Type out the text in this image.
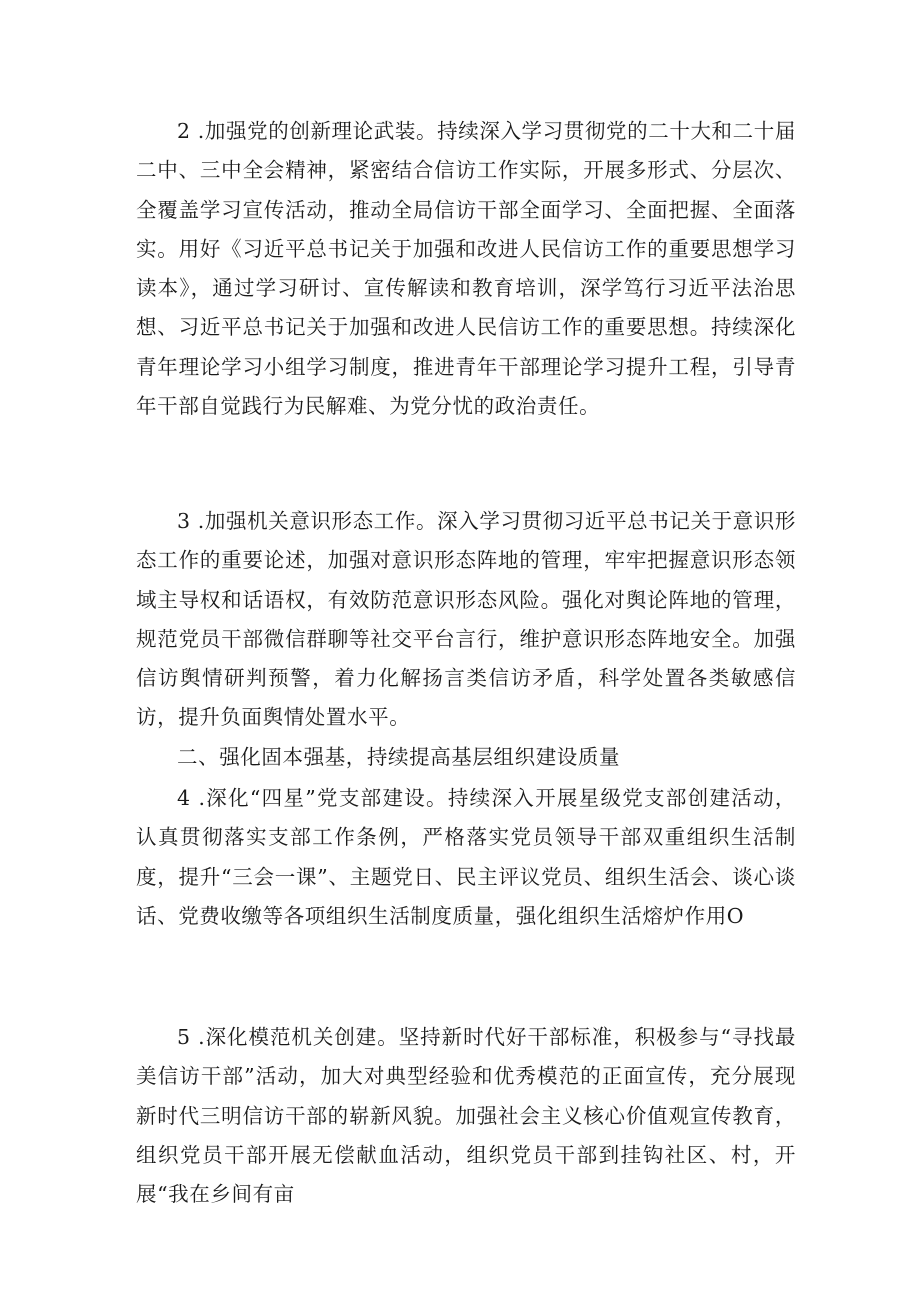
2 .加强党的创新理论武装。持续深入学习贯彻党的二十大和二十届二中、三中全会精神，紧密结合信访工作实际，开展多形式、分层次、全覆盖学习宣传活动，推动全局信访干部全面学习、全面把握、全面落实。用好《习近平总书记关于加强和改进人民信访工作的重要思想学习读本》，通过学习研讨、宣传解读和教育培训，深学笃行习近平法治思想、习近平总书记关于加强和改进人民信访工作的重要思想。持续深化青年理论学习小组学习制度，推进青年干部理论学习提升工程，引导青年干部自觉践行为民解难、为党分忧的政治责任。

3 .加强机关意识形态工作。深入学习贯彻习近平总书记关于意识形态工作的重要论述，加强对意识形态阵地的管理，牢牢把握意识形态领域主导权和话语权，有效防范意识形态风险。强化对舆论阵地的管理，规范党员干部微信群聊等社交平台言行，维护意识形态阵地安全。加强信访舆情研判预警，着力化解扬言类信访矛盾，科学处置各类敏感信访，提升负面舆情处置水平。

二、强化固本强基，持续提高基层组织建设质量

4 .深化“四星”党支部建设。持续深入开展星级党支部创建活动，认真贯彻落实支部工作条例，严格落实党员领导干部双重组织生活制度，提升“三会一课”、主题党日、民主评议党员、组织生活会、谈心谈话、党费收缴等各项组织生活制度质量，强化组织生活熔炉作用O

5 .深化模范机关创建。坚持新时代好干部标准，积极参与“寻找最美信访干部”活动，加大对典型经验和优秀模范的正面宣传，充分展现新时代三明信访干部的崭新风貌。加强社会主义核心价值观宣传教育，组织党员干部开展无偿献血活动，组织党员干部到挂钩社区、村，开展“我在乡间有亩
